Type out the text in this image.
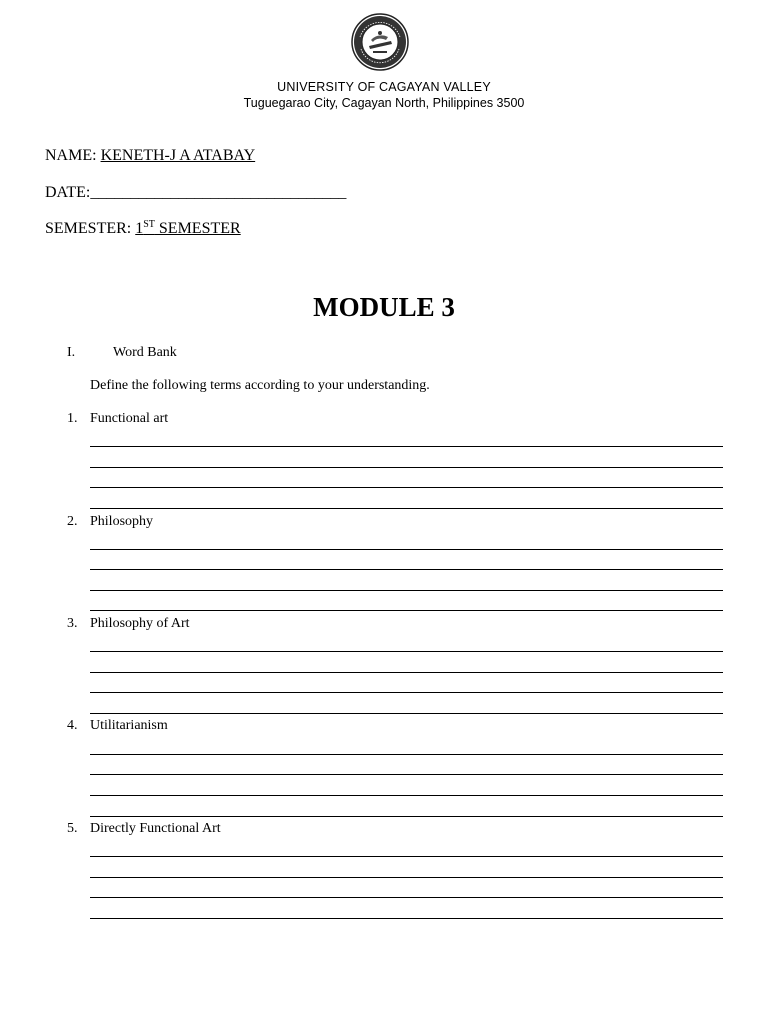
UNIVERSITY OF CAGAYAN VALLEY
Tuguegarao City, Cagayan North, Philippines 3500
NAME: KENETH-J A ATABAY
DATE:________________________________
SEMESTER: 1ST SEMESTER
MODULE 3
I.	Word Bank
Define the following terms according to your understanding.
1. Functional art
2. Philosophy
3. Philosophy of Art
4. Utilitarianism
5. Directly Functional Art
